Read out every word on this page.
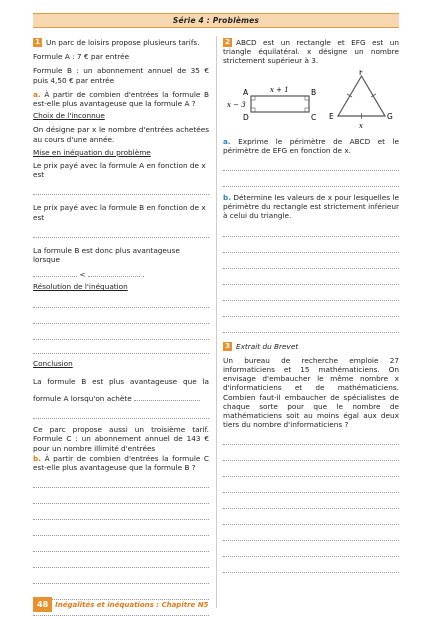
Série 4 : Problèmes

1 Un parc de loisirs propose plusieurs tarifs.

Formule A : 7 € par entrée

Formule B : un abonnement annuel de 35 € puis 4,50 € par entrée

a. À partir de combien d'entrées la formule B est-elle plus avantageuse que la formule A ?

Choix de l'inconnue

On désigne par x le nombre d'entrées achetées au cours d'une année.

Mise en inéquation du problème

Le prix payé avec la formule A en fonction de x est

Le prix payé avec la formule B en fonction de x est

La formule B est donc plus avantageuse lorsque

<	.

Résolution de l'inéquation

Conclusion

La formule B est plus avantageuse que la

formule A lorsqu'on achète

Ce parc propose aussi un troisième tarif. Formule C : un abonnement annuel de 143 € pour un nombre illimité d'entrées

b. À partir de combien d'entrées la formule C est-elle plus avantageuse que la formule B ?

2 ABCD est un rectangle et EFG est un triangle équilatéral. x désigne un nombre strictement supérieur à 3.

A	B
C
D
x + 1
x − 3
F
E	G
x

a. Exprime le périmètre de ABCD et le périmètre de EFG en fonction de x.

b. Détermine les valeurs de x pour lesquelles le périmètre du rectangle est strictement inférieur à celui du triangle.

3 Extrait du Brevet

Un bureau de recherche emploie 27 informaticiens et 15 mathématiciens. On envisage d'embaucher le même nombre x d'informaticiens et de mathématiciens. Combien faut-il embaucher de spécialistes de chaque sorte pour que le nombre de mathématiciens soit au moins égal aux deux tiers du nombre d'informaticiens ?

48 Inégalités et inéquations : Chapitre N5
